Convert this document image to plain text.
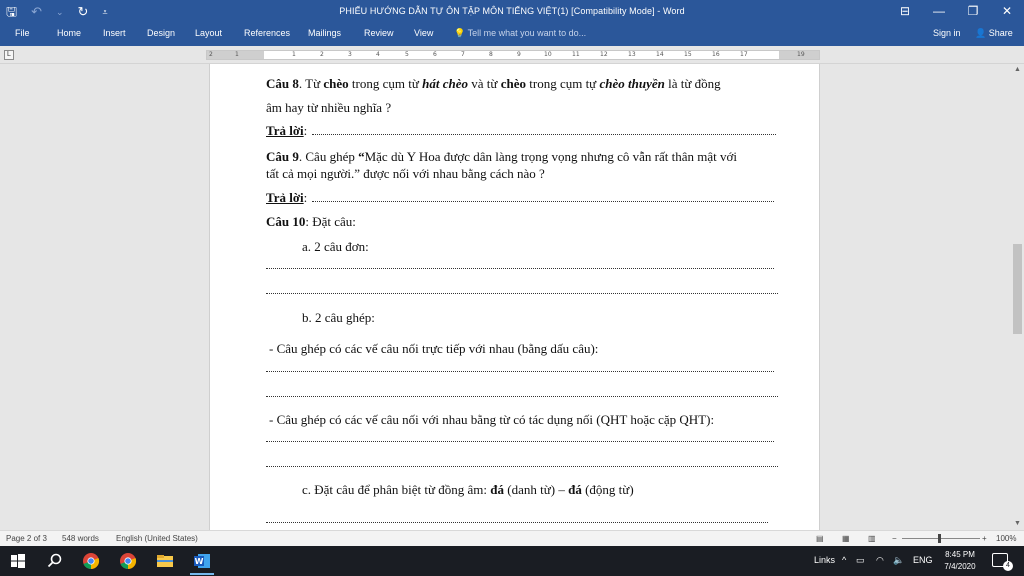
🖫 ↶ ⌄ ↻ ⩡	PHIẾU HƯỚNG DẪN TỰ ÔN TẬP MÔN TIẾNG VIỆT(1) [Compatibility Mode] - Word	⊟	—	❐	✕
File	Home Insert Design Layout References Mailings	Review View 💡 Tell me what you want to do...	Sign in 👤 Share
L	2	1	1	2	3	4	5	6	7	8	9	10	11	12	13	14	15	16	17	19
Câu 8. Từ chèo trong cụm từ hát chèo và từ chèo trong cụm tự chèo thuyền là từ đồng
âm hay từ nhiều nghĩa ?
Trả lời:
Câu 9. Câu ghép “Mặc dù Y Hoa được dân làng trọng vọng nhưng cô vẫn rất thân mật với
tất cả mọi người.” được nối với nhau bằng cách nào ?
Trả lời:
Câu 10: Đặt câu:
a. 2 câu đơn:
b. 2 câu ghép:
- Câu ghép có các vế câu nối trực tiếp với nhau (bằng dấu câu):
- Câu ghép có các vế câu nối với nhau bằng từ có tác dụng nối (QHT hoặc cặp QHT):
c. Đặt câu để phân biệt từ đồng âm: đá (danh từ) – đá (động từ)
▲
▼
Page 2 of 3 548 words English (United States)	▤ ▦ ▥ −	+ 100%
W	Links ^ ▭ ◠ 🔈 ENG
8:45 PM
7/4/2020	4
